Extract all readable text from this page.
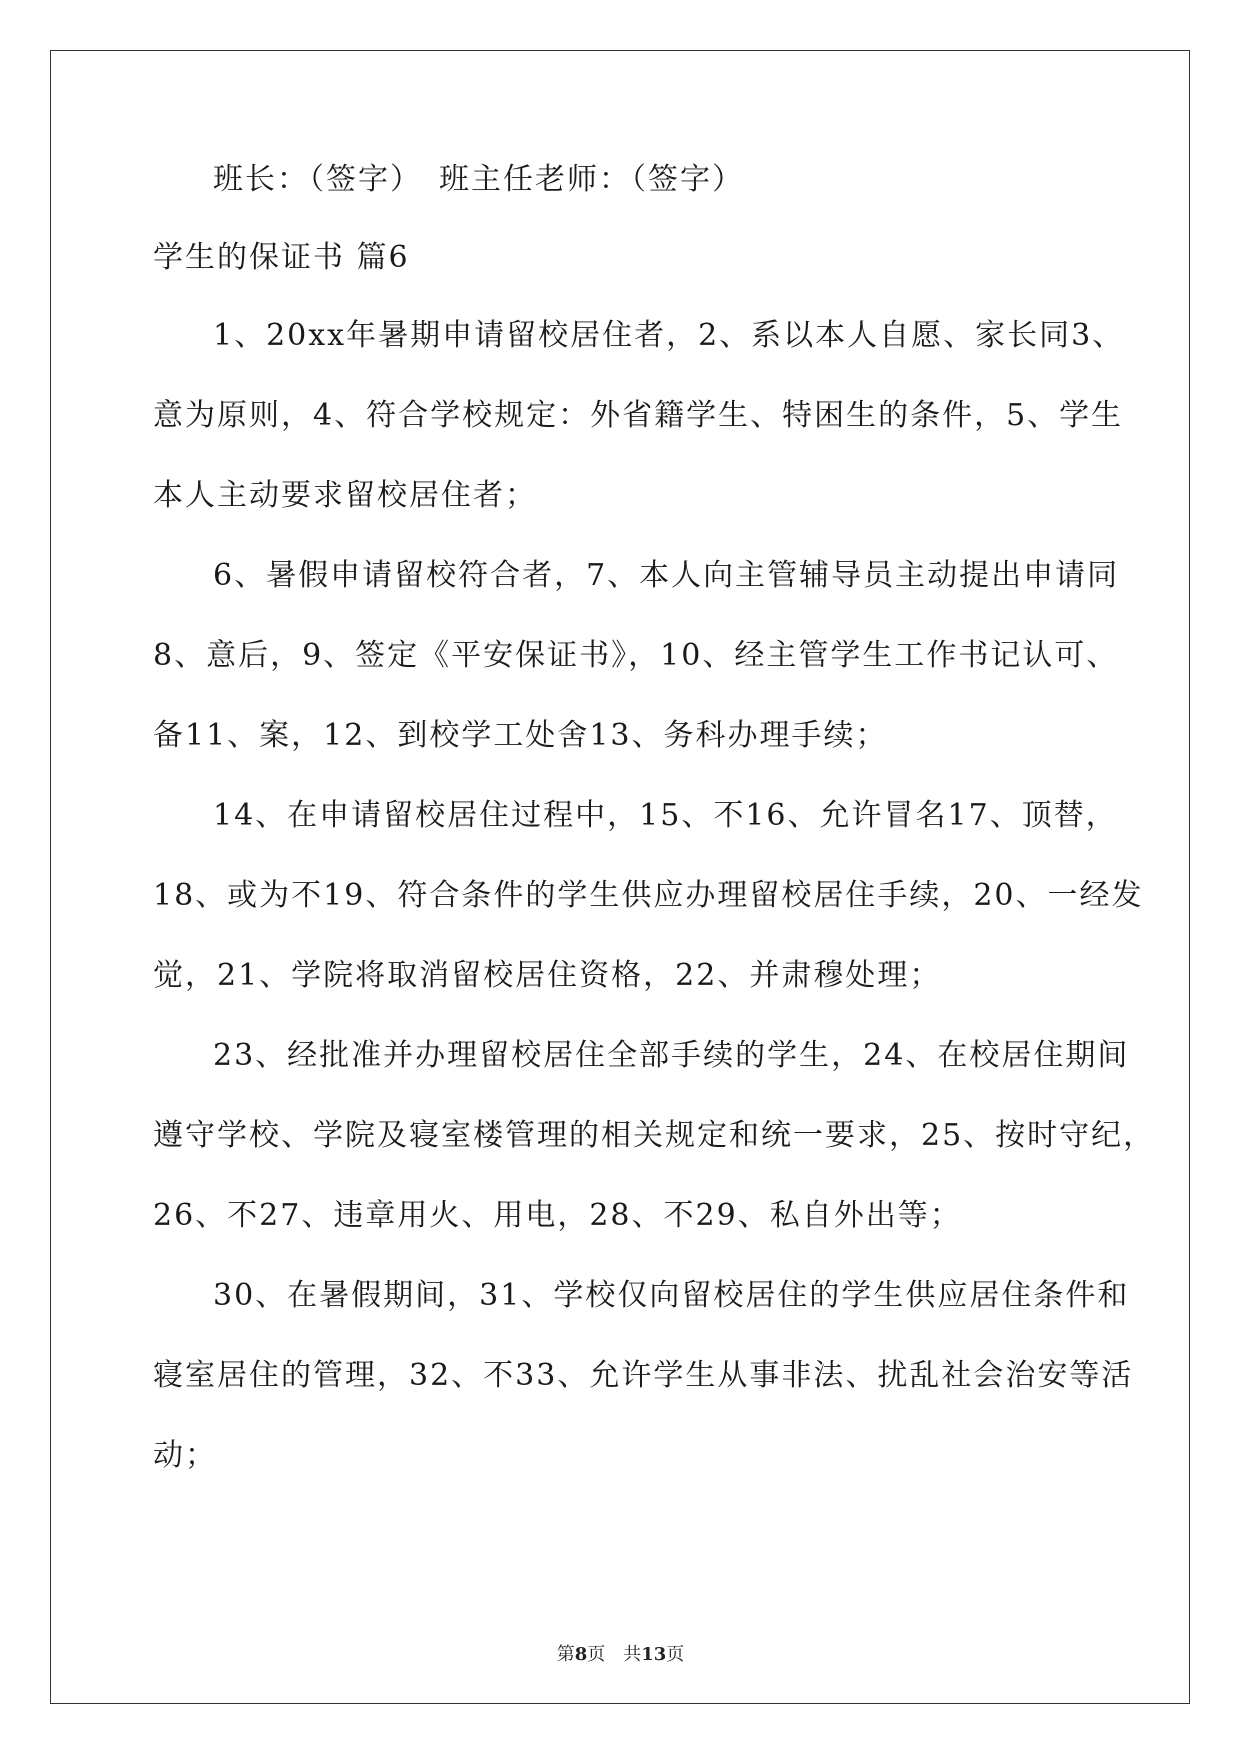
班长：（签字）　班主任老师：（签字）
学生的保证书 篇6
1、20xx年暑期申请留校居住者，2、系以本人自愿、家长同3、
意为原则，4、符合学校规定：外省籍学生、特困生的条件，5、学生
本人主动要求留校居住者；
6、暑假申请留校符合者，7、本人向主管辅导员主动提出申请同
8、意后，9、签定《平安保证书》，10、经主管学生工作书记认可、
备11、案，12、到校学工处舍13、务科办理手续；
14、在申请留校居住过程中，15、不16、允许冒名17、顶替，
18、或为不19、符合条件的学生供应办理留校居住手续，20、一经发
觉，21、学院将取消留校居住资格，22、并肃穆处理；
23、经批准并办理留校居住全部手续的学生，24、在校居住期间
遵守学校、学院及寝室楼管理的相关规定和统一要求，25、按时守纪，
26、不27、违章用火、用电，28、不29、私自外出等；
30、在暑假期间，31、学校仅向留校居住的学生供应居住条件和
寝室居住的管理，32、不33、允许学生从事非法、扰乱社会治安等活
动；
第8页　共13页
